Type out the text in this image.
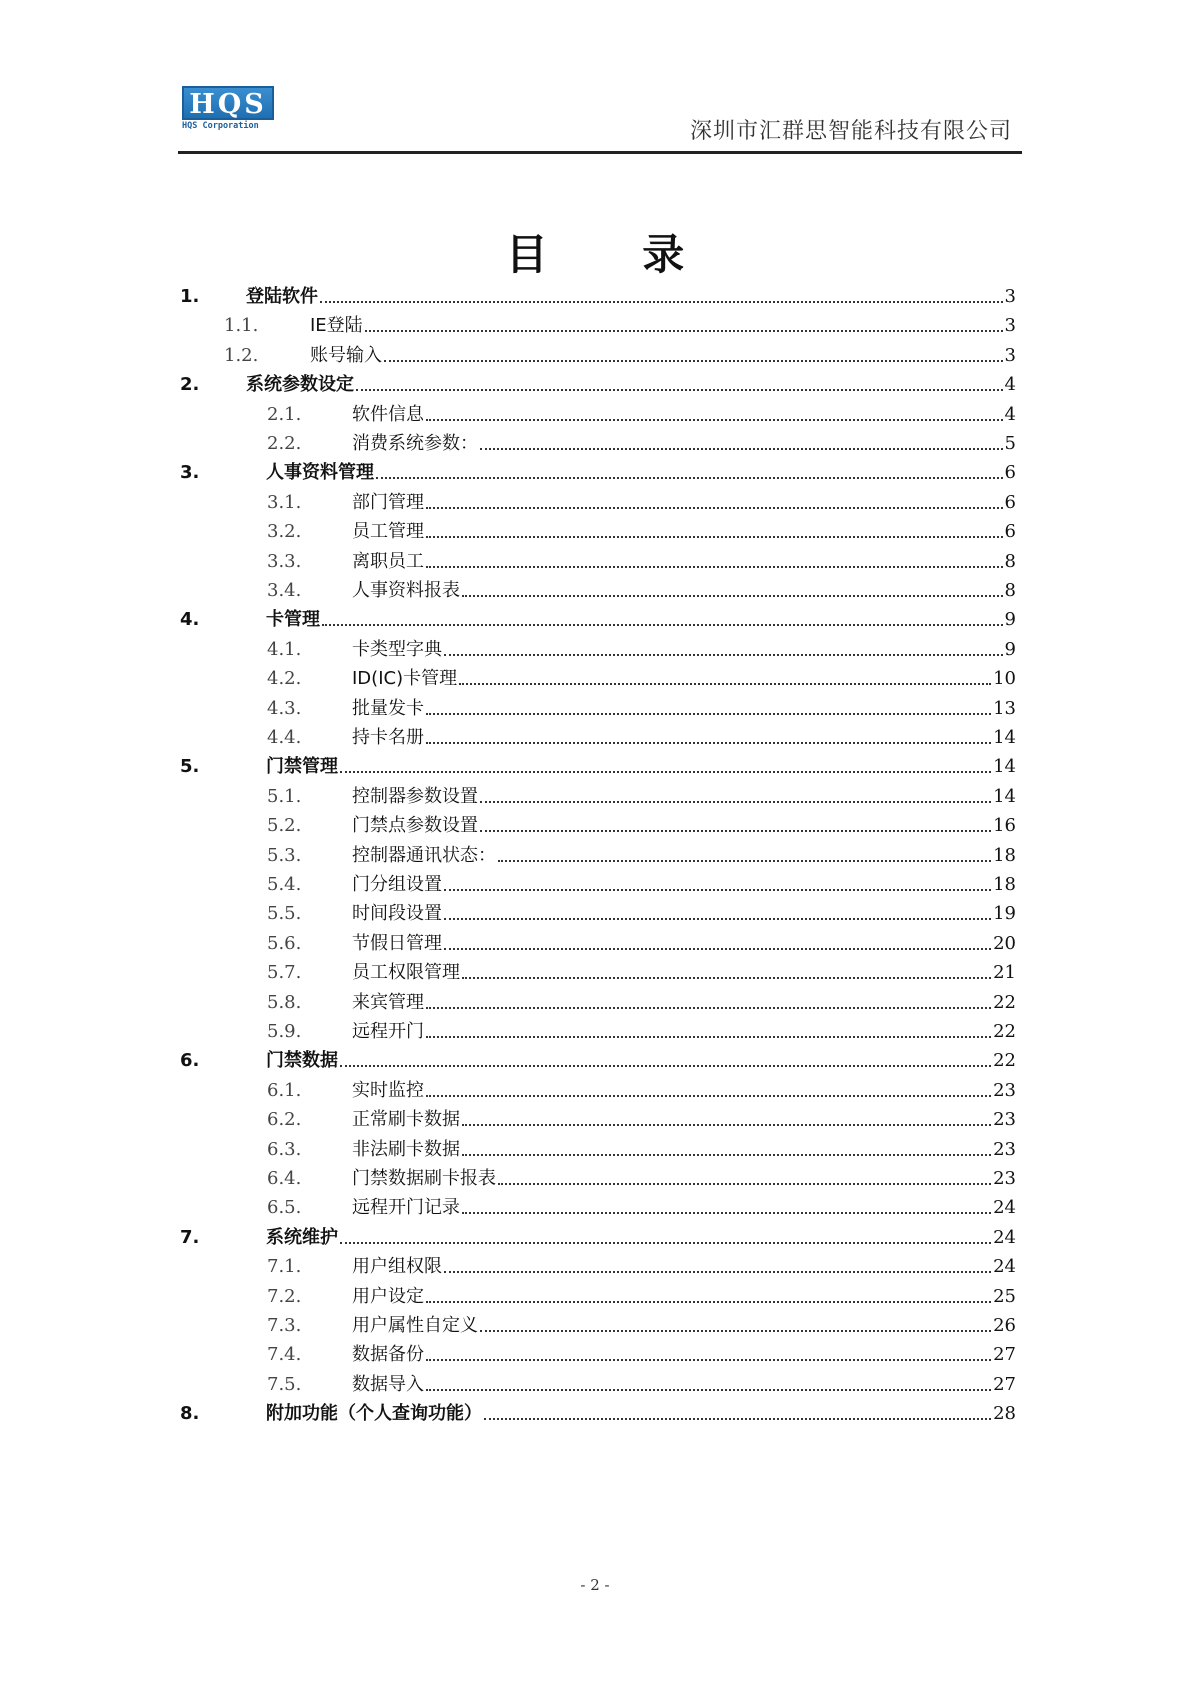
HQS
HQS Corporation	深圳市汇群思智能科技有限公司
目 录
1.	登陆软件	3
1.1.	IE登陆	3
1.2.	账号输入	3
2.	系统参数设定	4
2.1.	软件信息	4
2.2.	消费系统参数：	5
3.	人事资料管理	6
3.1.	部门管理	6
3.2.	员工管理	6
3.3.	离职员工	8
3.4.	人事资料报表	8
4.	卡管理	9
4.1.	卡类型字典	9
4.2.	ID(IC)卡管理	10
4.3.	批量发卡	13
4.4.	持卡名册	14
5.	门禁管理	14
5.1.	控制器参数设置	14
5.2.	门禁点参数设置	16
5.3.	控制器通讯状态：	18
5.4.	门分组设置	18
5.5.	时间段设置	19
5.6.	节假日管理	20
5.7.	员工权限管理	21
5.8.	来宾管理	22
5.9.	远程开门	22
6.	门禁数据	22
6.1.	实时监控	23
6.2.	正常刷卡数据	23
6.3.	非法刷卡数据	23
6.4.	门禁数据刷卡报表	23
6.5.	远程开门记录	24
7.	系统维护	24
7.1.	用户组权限	24
7.2.	用户设定	25
7.3.	用户属性自定义	26
7.4.	数据备份	27
7.5.	数据导入	27
8.	附加功能（个人查询功能）	28
- 2 -
